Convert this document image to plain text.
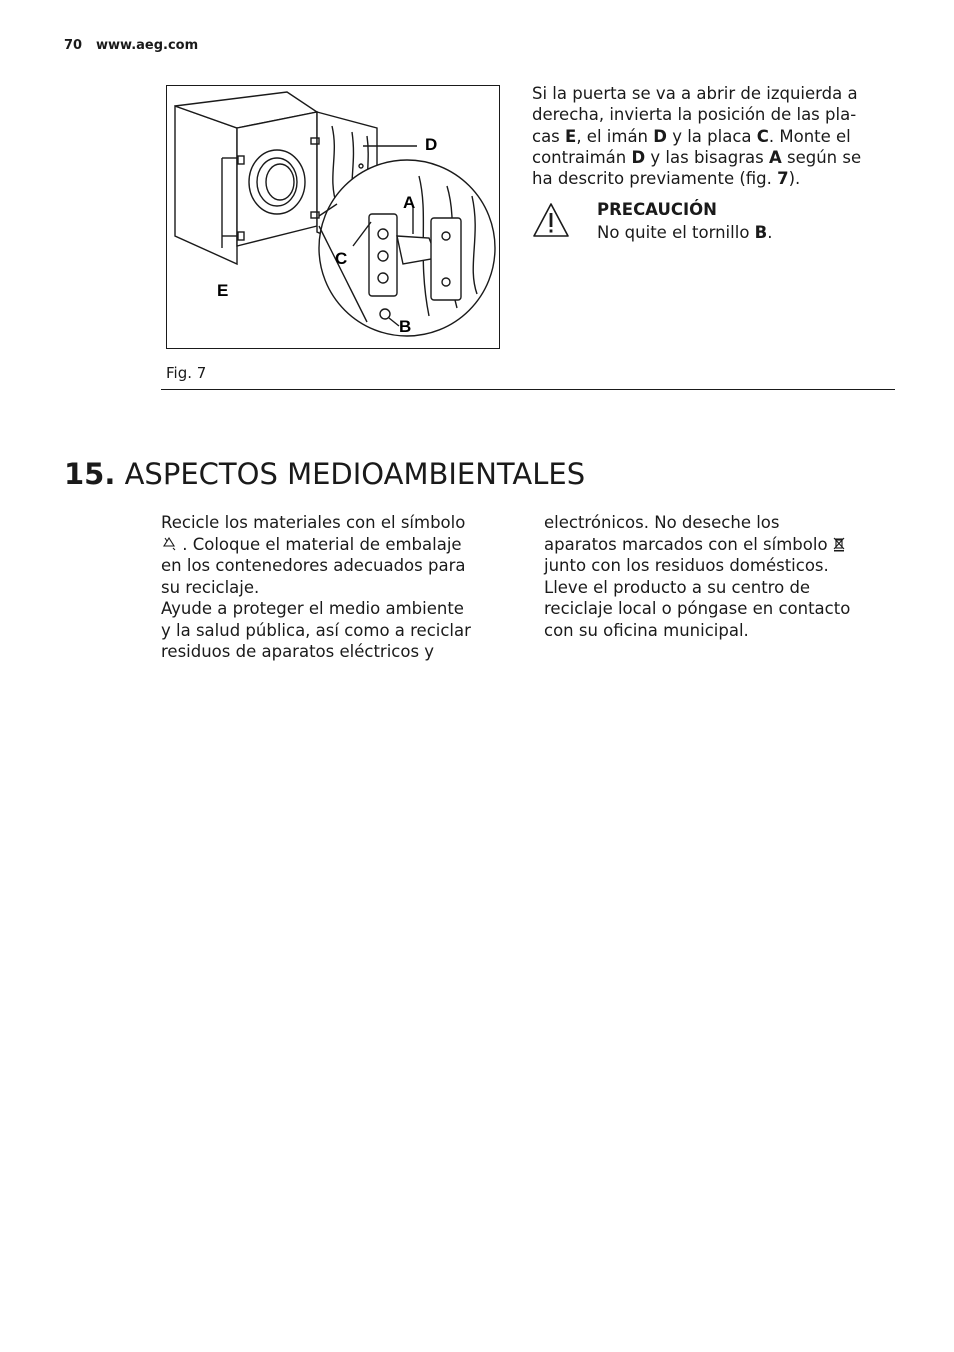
70 www.aeg.com
D
A
C
E
B
Fig. 7
Si la puerta se va a abrir de izquierda a
derecha, invierta la posición de las pla-
cas E, el imán D y la placa C. Monte el
contraimán D y las bisagras A según se
ha descrito previamente (fig. 7).
PRECAUCIÓN
No quite el tornillo B.
15. ASPECTOS MEDIOAMBIENTALES
Recicle los materiales con el símbolo
. Coloque el material de embalaje
en los contenedores adecuados para
su reciclaje.
Ayude a proteger el medio ambiente
y la salud pública, así como a reciclar
residuos de aparatos eléctricos y
electrónicos. No deseche los
aparatos marcados con el símbolo
junto con los residuos domésticos.
Lleve el producto a su centro de
reciclaje local o póngase en contacto
con su oficina municipal.
